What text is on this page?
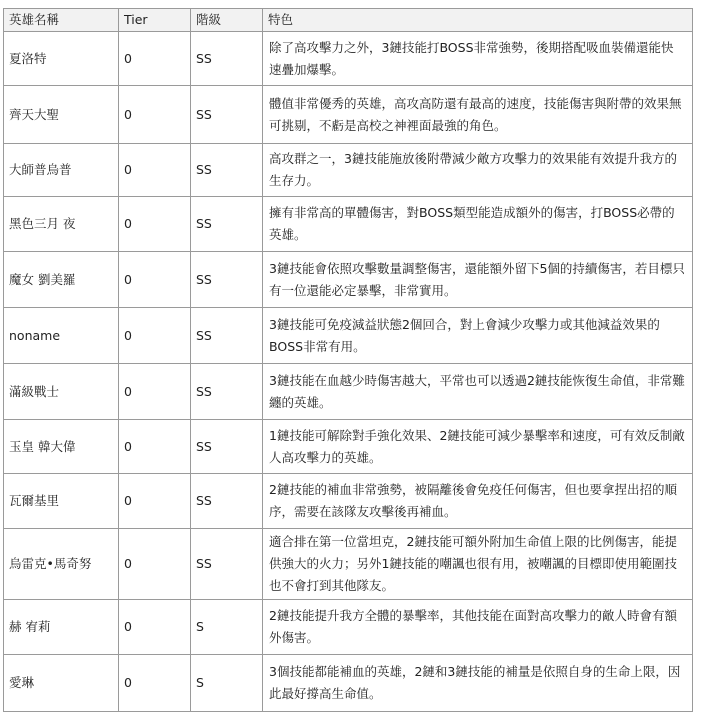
英雄名稱	Tier	階級	特色
夏洛特	0	SS	除了高攻擊力之外，3鏈技能打BOSS非常強勢，後期搭配吸血裝備還能快速疊加爆擊。
齊天大聖	0	SS	體值非常優秀的英雄，高攻高防還有最高的速度，技能傷害與附帶的效果無可挑剔，不虧是高校之神裡面最強的角色。
大師普烏普	0	SS	高攻群之一，3鏈技能施放後附帶減少敵方攻擊力的效果能有效提升我方的生存力。
黑色三月 夜	0	SS	擁有非常高的單體傷害，對BOSS類型能造成額外的傷害，打BOSS必帶的英雄。
魔女 劉美羅	0	SS	3鏈技能會依照攻擊數量調整傷害，還能額外留下5個的持續傷害，若目標只有一位還能必定暴擊，非常實用。
noname	0	SS	3鏈技能可免疫減益狀態2個回合，對上會減少攻擊力或其他減益效果的BOSS非常有用。
滿級戰士	0	SS	3鏈技能在血越少時傷害越大，平常也可以透過2鏈技能恢復生命值，非常難纏的英雄。
玉皇 韓大偉	0	SS	1鏈技能可解除對手強化效果、2鏈技能可減少暴擊率和速度，可有效反制敵人高攻擊力的英雄。
瓦爾基里	0	SS	2鏈技能的補血非常強勢，被隔離後會免疫任何傷害，但也要拿捏出招的順序，需要在該隊友攻擊後再補血。
烏雷克•馬奇努	0	SS	適合排在第一位當坦克，2鏈技能可額外附加生命值上限的比例傷害，能提供強大的火力；另外1鏈技能的嘲諷也很有用，被嘲諷的目標即使用範圍技也不會打到其他隊友。
赫 宥莉	0	S	2鏈技能提升我方全體的暴擊率，其他技能在面對高攻擊力的敵人時會有額外傷害。
愛琳	0	S	3個技能都能補血的英雄，2鏈和3鏈技能的補量是依照自身的生命上限，因此最好撐高生命值。
